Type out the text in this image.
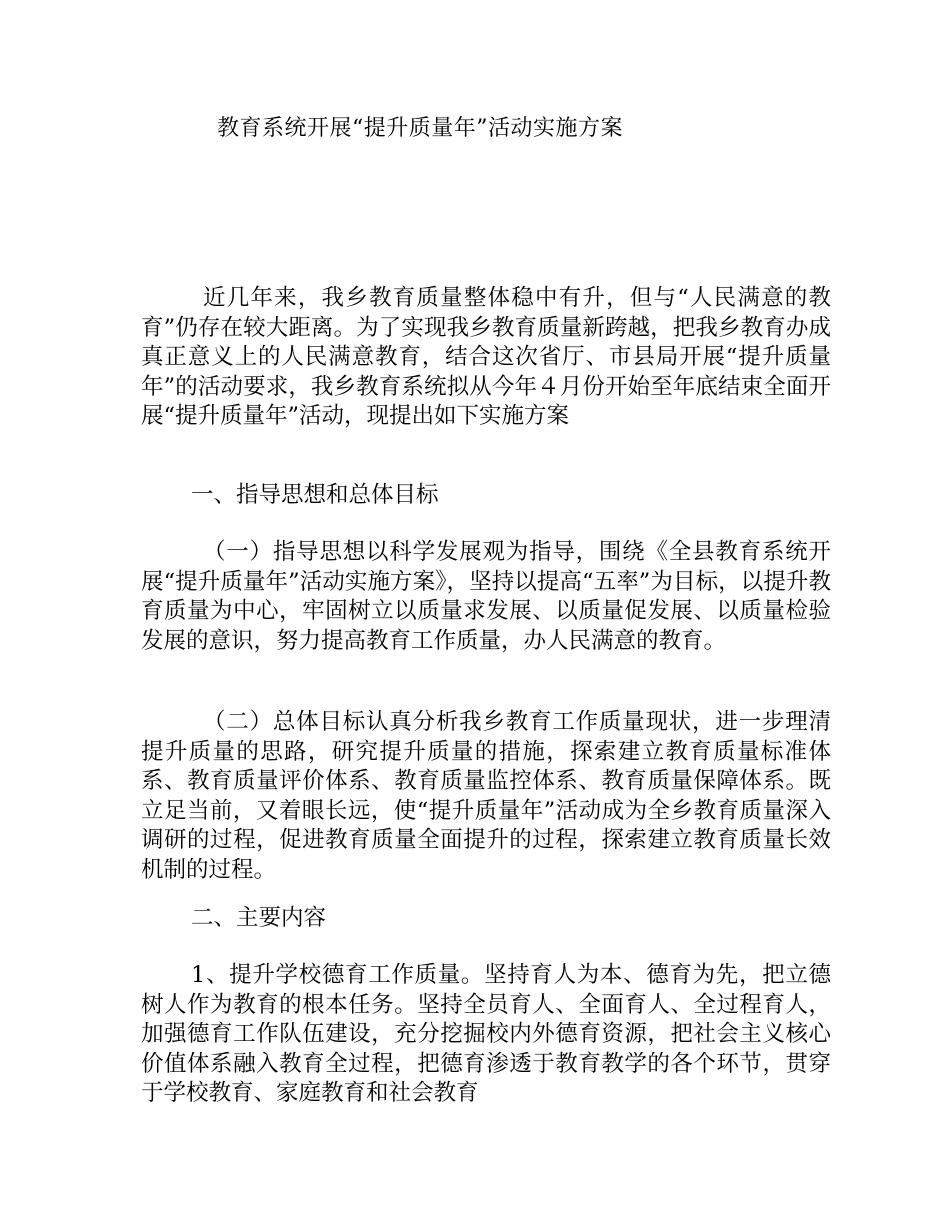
教育系统开展“提升质量年”活动实施方案

近几年来，我乡教育质量整体稳中有升，但与“人民满意的教育”仍存在较大距离。为了实现我乡教育质量新跨越，把我乡教育办成真正意义上的人民满意教育，结合这次省厅、市县局开展“提升质量年”的活动要求，我乡教育系统拟从今年４月份开始至年底结束全面开展“提升质量年”活动，现提出如下实施方案

一、指导思想和总体目标

（一）指导思想以科学发展观为指导，围绕《全县教育系统开展“提升质量年”活动实施方案》，坚持以提高“五率”为目标，以提升教育质量为中心，牢固树立以质量求发展、以质量促发展、以质量检验发展的意识，努力提高教育工作质量，办人民满意的教育。

（二）总体目标认真分析我乡教育工作质量现状，进一步理清提升质量的思路，研究提升质量的措施，探索建立教育质量标准体系、教育质量评价体系、教育质量监控体系、教育质量保障体系。既立足当前，又着眼长远，使“提升质量年”活动成为全乡教育质量深入调研的过程，促进教育质量全面提升的过程，探索建立教育质量长效机制的过程。

二、主要内容

1、提升学校德育工作质量。坚持育人为本、德育为先，把立德树人作为教育的根本任务。坚持全员育人、全面育人、全过程育人，加强德育工作队伍建设，充分挖掘校内外德育资源，把社会主义核心价值体系融入教育全过程，把德育渗透于教育教学的各个环节，贯穿于学校教育、家庭教育和社会教育
